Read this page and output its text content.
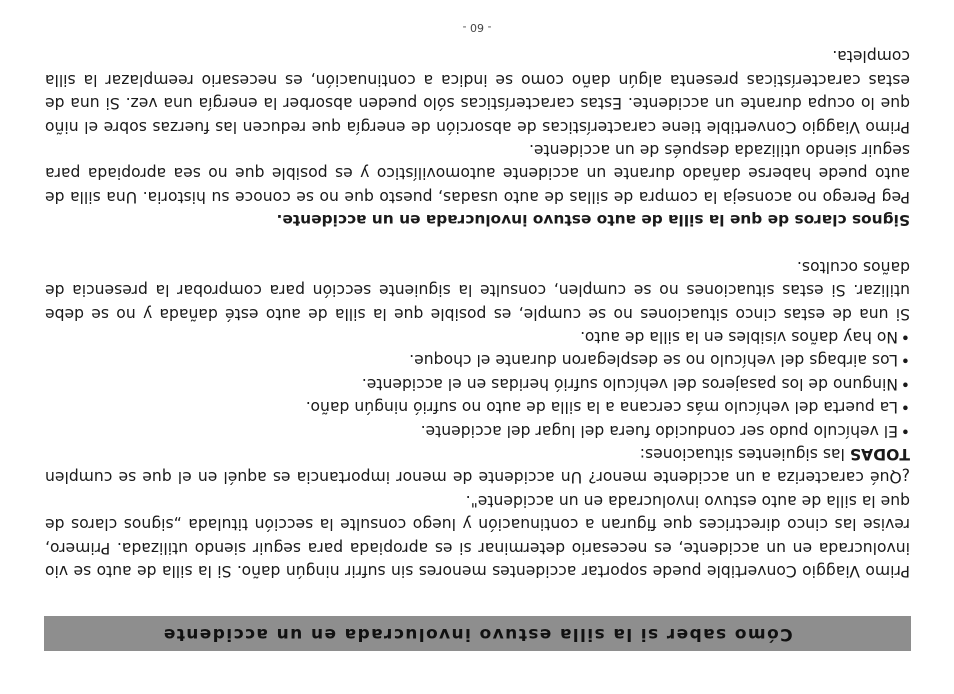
Cómo saber si la silla estuvo involucrada en un accidente

Primo Viaggio Convertible puede soportar accidentes menores sin sufrir ningún daño. Si la silla de auto se vio involucrada en un accidente, es necesario determinar si es apropiada para seguir siendo utilizada. Primero, revise las cinco directrices que figuran a continuación y luego consulte la sección titulada „signos claros de que la silla de auto estuvo involucrada en un accidente".

¿Qué caracteriza a un accidente menor? Un accidente de menor importancia es aquél en el que se cumplen TODAS las siguientes situaciones:

• El vehículo pudo ser conducido fuera del lugar del accidente.
• La puerta del vehículo más cercana a la silla de auto no sufrió ningún daño.
• Ninguno de los pasajeros del vehículo sufrió heridas en el accidente.
• Los airbags del vehículo no se desplegaron durante el choque.
• No hay daños visibles en la silla de auto.

Si una de estas cinco situaciones no se cumple, es posible que la silla de auto esté dañada y no se debe utilizar. Si estas situaciones no se cumplen, consulte la siguiente sección para comprobar la presencia de daños ocultos.

Signos claros de que la silla de auto estuvo involucrada en un accidente.

Peg Perego no aconseja la compra de sillas de auto usadas, puesto que no se conoce su historia. Una silla de auto puede haberse dañado durante un accidente automovilístico y es posible que no sea apropiada para seguir siendo utilizada después de un accidente.

Primo Viaggio Convertible tiene características de absorción de energía que reducen las fuerzas sobre el niño que lo ocupa durante un accidente. Estas características sólo pueden absorber la energía una vez. Si una de estas características presenta algún daño como se indica a continuación, es necesario reemplazar la silla completa.

- 60 -
